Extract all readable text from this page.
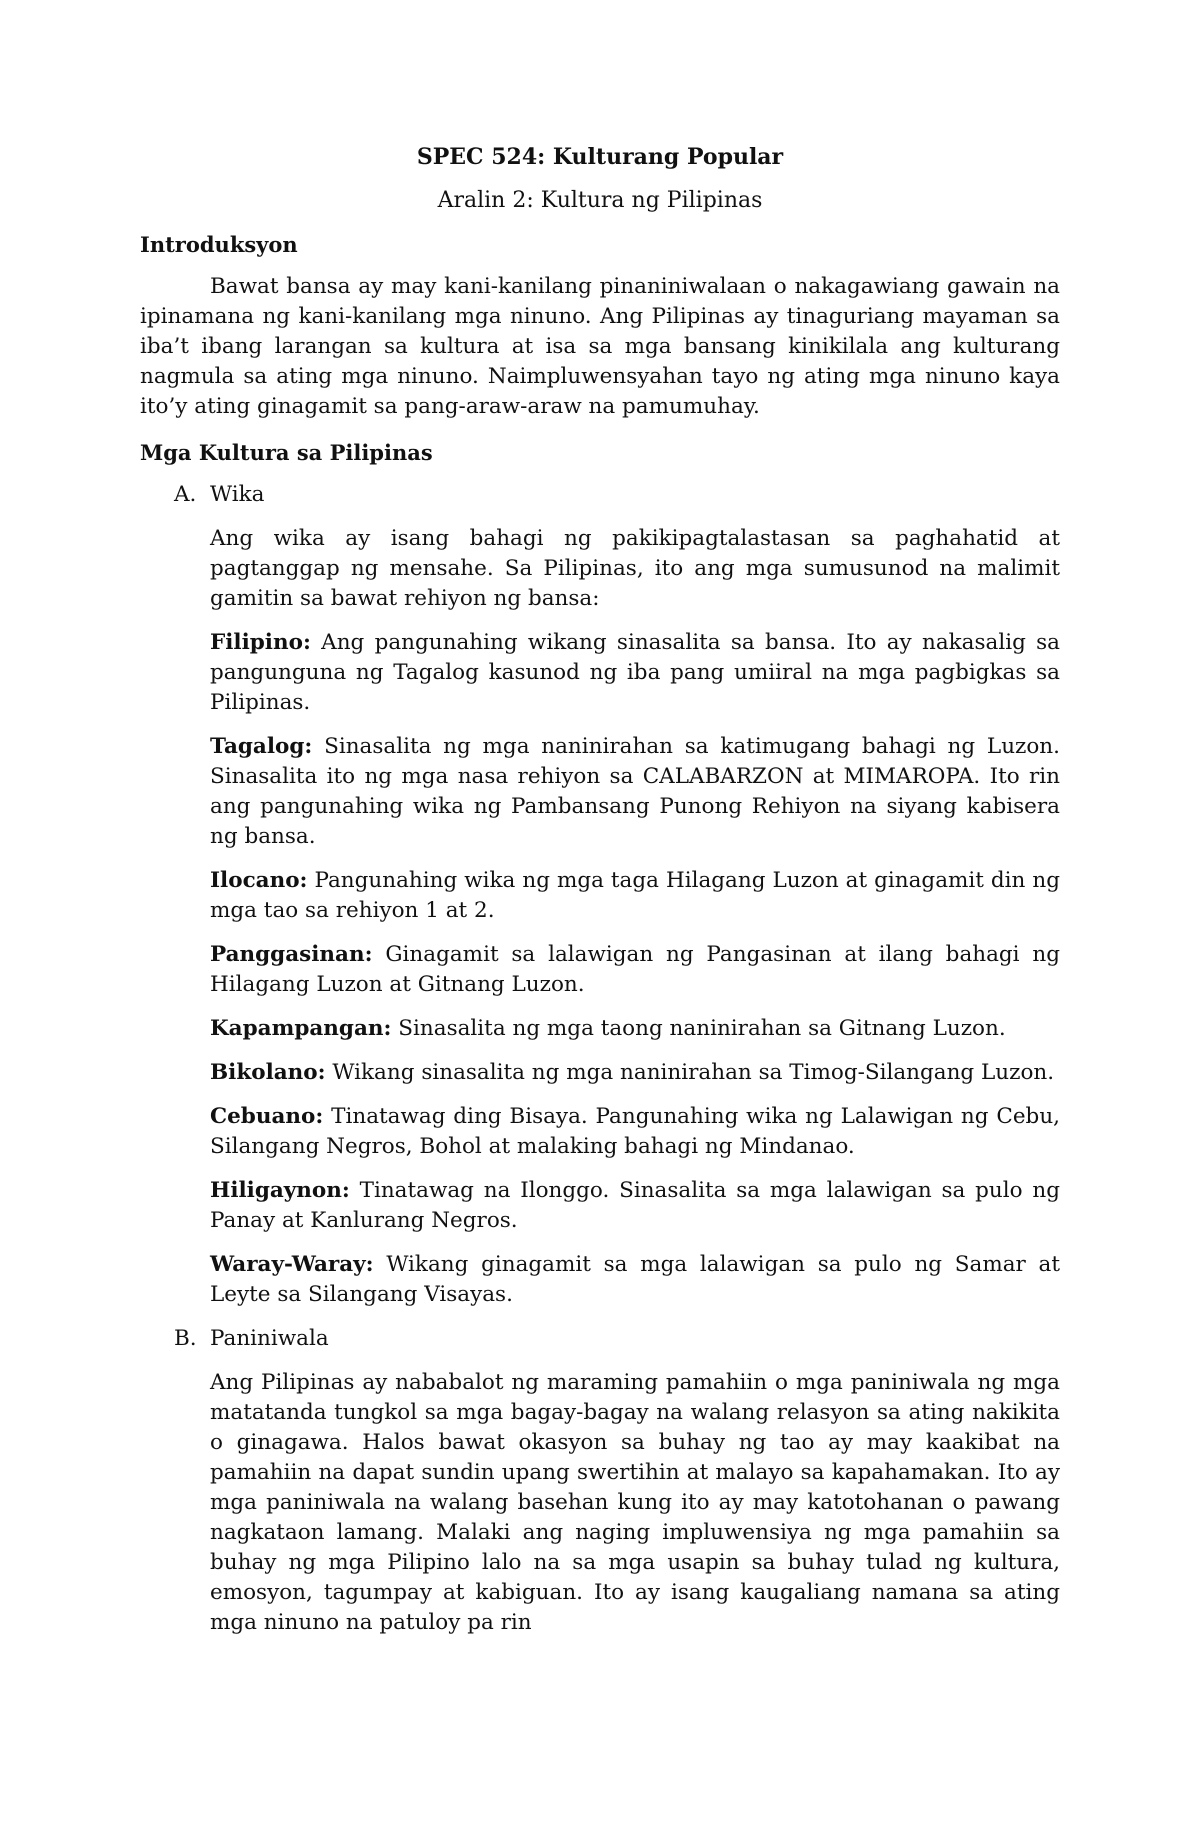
SPEC 524: Kulturang Popular
Aralin 2: Kultura ng Pilipinas
Introduksyon

Bawat bansa ay may kani-kanilang pinaniniwalaan o nakagawiang gawain na ipinamana ng kani-kanilang mga ninuno. Ang Pilipinas ay tinaguriang mayaman sa iba’t ibang larangan sa kultura at isa sa mga bansang kinikilala ang kulturang nagmula sa ating mga ninuno. Naimpluwensyahan tayo ng ating mga ninuno kaya ito’y ating ginagamit sa pang-araw-araw na pamumuhay.

Mga Kultura sa Pilipinas
A. Wika

Ang wika ay isang bahagi ng pakikipagtalastasan sa paghahatid at pagtanggap ng mensahe. Sa Pilipinas, ito ang mga sumusunod na malimit gamitin sa bawat rehiyon ng bansa:

Filipino: Ang pangunahing wikang sinasalita sa bansa. Ito ay nakasalig sa pangunguna ng Tagalog kasunod ng iba pang umiiral na mga pagbigkas sa Pilipinas.

Tagalog: Sinasalita ng mga naninirahan sa katimugang bahagi ng Luzon. Sinasalita ito ng mga nasa rehiyon sa CALABARZON at MIMAROPA. Ito rin ang pangunahing wika ng Pambansang Punong Rehiyon na siyang kabisera ng bansa.

Ilocano: Pangunahing wika ng mga taga Hilagang Luzon at ginagamit din ng mga tao sa rehiyon 1 at 2.

Panggasinan: Ginagamit sa lalawigan ng Pangasinan at ilang bahagi ng Hilagang Luzon at Gitnang Luzon.

Kapampangan: Sinasalita ng mga taong naninirahan sa Gitnang Luzon.

Bikolano: Wikang sinasalita ng mga naninirahan sa Timog-Silangang Luzon.

Cebuano: Tinatawag ding Bisaya. Pangunahing wika ng Lalawigan ng Cebu, Silangang Negros, Bohol at malaking bahagi ng Mindanao.

Hiligaynon: Tinatawag na Ilonggo. Sinasalita sa mga lalawigan sa pulo ng Panay at Kanlurang Negros.

Waray-Waray: Wikang ginagamit sa mga lalawigan sa pulo ng Samar at Leyte sa Silangang Visayas.

B. Paniniwala

Ang Pilipinas ay nababalot ng maraming pamahiin o mga paniniwala ng mga matatanda tungkol sa mga bagay-bagay na walang relasyon sa ating nakikita o ginagawa. Halos bawat okasyon sa buhay ng tao ay may kaakibat na pamahiin na dapat sundin upang swertihin at malayo sa kapahamakan. Ito ay mga paniniwala na walang basehan kung ito ay may katotohanan o pawang nagkataon lamang. Malaki ang naging impluwensiya ng mga pamahiin sa buhay ng mga Pilipino lalo na sa mga usapin sa buhay tulad ng kultura, emosyon, tagumpay at kabiguan. Ito ay isang kaugaliang namana sa ating mga ninuno na patuloy pa rin
